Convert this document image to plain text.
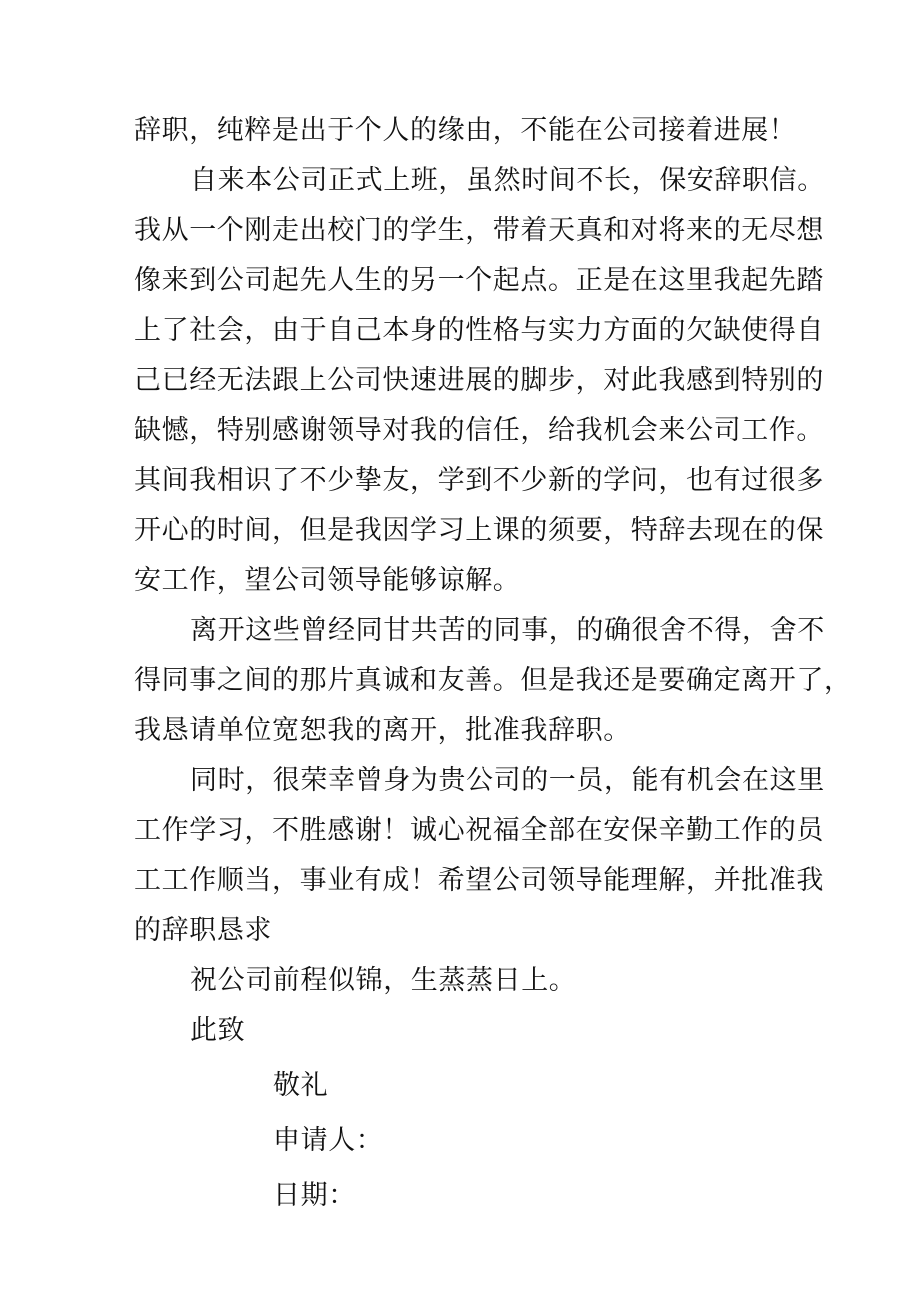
辞职，纯粹是出于个人的缘由，不能在公司接着进展！
自来本公司正式上班，虽然时间不长，保安辞职信。
我从一个刚走出校门的学生，带着天真和对将来的无尽想
像来到公司起先人生的另一个起点。正是在这里我起先踏
上了社会，由于自己本身的性格与实力方面的欠缺使得自
己已经无法跟上公司快速进展的脚步，对此我感到特别的
缺憾，特别感谢领导对我的信任，给我机会来公司工作。
其间我相识了不少挚友，学到不少新的学问，也有过很多
开心的时间，但是我因学习上课的须要，特辞去现在的保
安工作，望公司领导能够谅解。
离开这些曾经同甘共苦的同事，的确很舍不得，舍不
得同事之间的那片真诚和友善。但是我还是要确定离开了，
我恳请单位宽恕我的离开，批准我辞职。
同时，很荣幸曾身为贵公司的一员，能有机会在这里
工作学习，不胜感谢！诚心祝福全部在安保辛勤工作的员
工工作顺当，事业有成！希望公司领导能理解，并批准我
的辞职恳求
祝公司前程似锦，生蒸蒸日上。
此致
敬礼
申请人：
日期：
